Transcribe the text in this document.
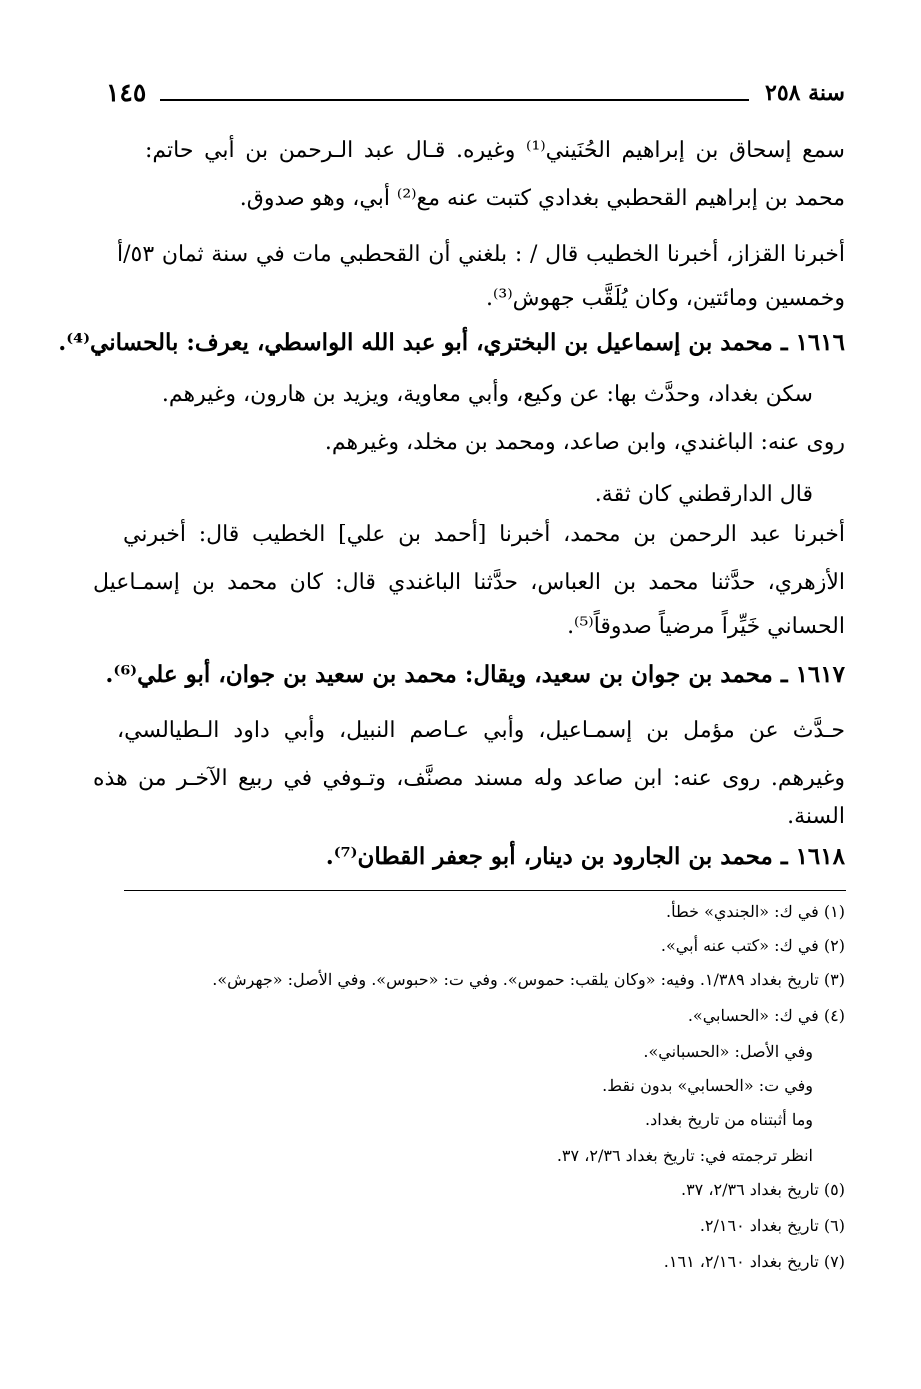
سنة ٢٥٨
١٤٥
سمع إسحاق بن إبراهيم الحُنَيني⁽¹⁾ وغيره. قـال عبد الـرحمن بن أبي حاتم:
محمد بن إبراهيم القحطبي بغدادي كتبت عنه مع⁽²⁾ أبي، وهو صدوق.
أخبرنا القزاز، أخبرنا الخطيب قال / : بلغني أن القحطبي مات في سنة ثمان ٥٣/أ
وخمسين ومائتين، وكان يُلَقَّب جهوش⁽³⁾.
١٦١٦ ـ محمد بن إسماعيل بن البختري، أبو عبد الله الواسطي، يعرف: بالحساني⁽⁴⁾.
سكن بغداد، وحدَّث بها: عن وكيع، وأبي معاوية، ويزيد بن هارون، وغيرهم.
روى عنه: الباغندي، وابن صاعد، ومحمد بن مخلد، وغيرهم.
قال الدارقطني كان ثقة.
أخبرنا عبد الرحمن بن محمد، أخبرنا [أحمد بن علي] الخطيب قال: أخبرني
الأزهري، حدَّثنا محمد بن العباس، حدَّثنا الباغندي قال: كان محمد بن إسمـاعيل
الحساني خَيِّراً مرضياً صدوقاً⁽⁵⁾.
١٦١٧ ـ محمد بن جوان بن سعيد، ويقال: محمد بن سعيد بن جوان، أبو علي⁽⁶⁾.
حـدَّث عن مؤمل بن إسمـاعيل، وأبي عـاصم النبيل، وأبي داود الـطيالسي،
وغيرهم. روى عنه: ابن صاعد وله مسند مصنَّف، وتـوفي في ربيع الآخـر من هذه
السنة.
١٦١٨ ـ محمد بن الجارود بن دينار، أبو جعفر القطان⁽⁷⁾.
(١) في ك: «الجندي» خطأ.
(٢) في ك: «كتب عنه أبي».
(٣) تاريخ بغداد ١/٣٨٩. وفيه: «وكان يلقب: حموس». وفي ت: «حبوس». وفي الأصل: «جهرش».
(٤) في ك: «الحسابي».
وفي الأصل: «الحسباني».
وفي ت: «الحسابي» بدون نقط.
وما أثبتناه من تاريخ بغداد.
انظر ترجمته في: تاريخ بغداد ٢/٣٦، ٣٧.
(٥) تاريخ بغداد ٢/٣٦، ٣٧.
(٦) تاريخ بغداد ٢/١٦٠.
(٧) تاريخ بغداد ٢/١٦٠، ١٦١.
